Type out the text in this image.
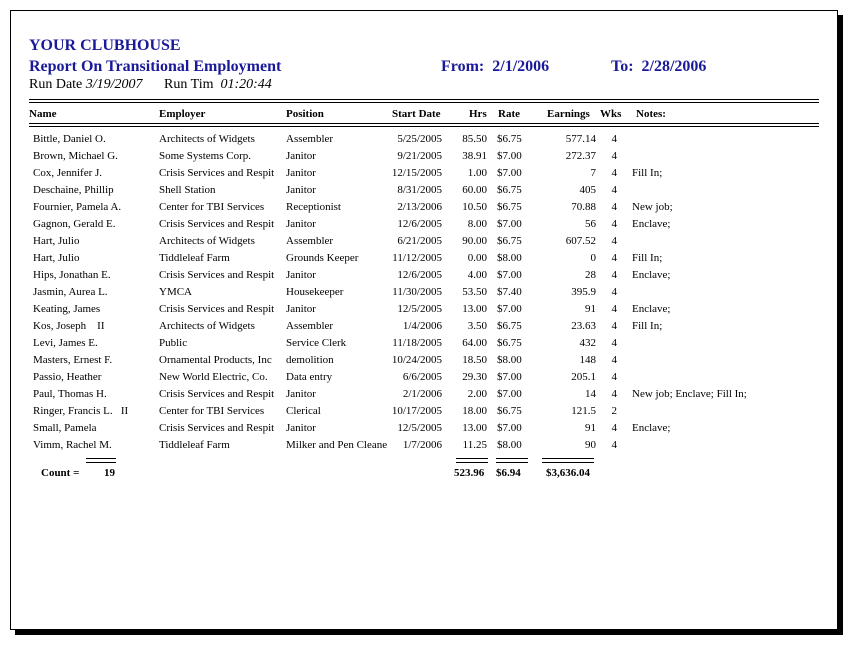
YOUR CLUBHOUSE
Report On Transitional Employment	From: 2/1/2006	To: 2/28/2006
Run Date 3/19/2007 Run Tim 01:20:44
Name	Employer	Position	Start Date	Hrs Rate Earnings Wks Notes:
Bittle, Daniel O.	Architects of Widgets	Assembler	5/25/2005	85.50 $6.75	577.14	4
Brown, Michael G.	Some Systems Corp.	Janitor	9/21/2005	38.91 $7.00	272.37	4
Cox, Jennifer J.	Crisis Services and Respit	Janitor	12/15/2005	1.00 $7.00	7	4 Fill In;
Deschaine, Phillip	Shell Station	Janitor	8/31/2005	60.00 $6.75	405	4
Fournier, Pamela A.	Center for TBI Services	Receptionist	2/13/2006	10.50 $6.75	70.88	4 New job;
Gagnon, Gerald E.	Crisis Services and Respit	Janitor	12/6/2005	8.00 $7.00	56	4 Enclave;
Hart, Julio	Architects of Widgets	Assembler	6/21/2005	90.00 $6.75	607.52	4
Hart, Julio	Tiddleleaf Farm	Grounds Keeper	11/12/2005	0.00 $8.00	0	4 Fill In;
Hips, Jonathan E.	Crisis Services and Respit	Janitor	12/6/2005	4.00 $7.00	28	4 Enclave;
Jasmin, Aurea L.	YMCA	Housekeeper	11/30/2005	53.50 $7.40	395.9	4
Keating, James	Crisis Services and Respit	Janitor	12/5/2005	13.00 $7.00	91	4 Enclave;
Kos, Joseph    II	Architects of Widgets	Assembler	1/4/2006	3.50 $6.75	23.63	4 Fill In;
Levi, James E.	Public	Service Clerk	11/18/2005	64.00 $6.75	432	4
Masters, Ernest F.	Ornamental Products, Inc	demolition	10/24/2005	18.50 $8.00	148	4
Passio, Heather	New World Electric, Co.	Data entry	6/6/2005	29.30 $7.00	205.1	4
Paul, Thomas H.	Crisis Services and Respit	Janitor	2/1/2006	2.00 $7.00	14	4 New job; Enclave; Fill In;
Ringer, Francis L.   II	Center for TBI Services	Clerical	10/17/2005	18.00 $6.75	121.5	2
Small, Pamela	Crisis Services and Respit	Janitor	12/5/2005	13.00 $7.00	91	4 Enclave;
Vimm, Rachel M.	Tiddleleaf Farm	Milker and Pen Cleane	1/7/2006	11.25 $8.00	90	4
Count = 19	523.96 $6.94 $3,636.04
